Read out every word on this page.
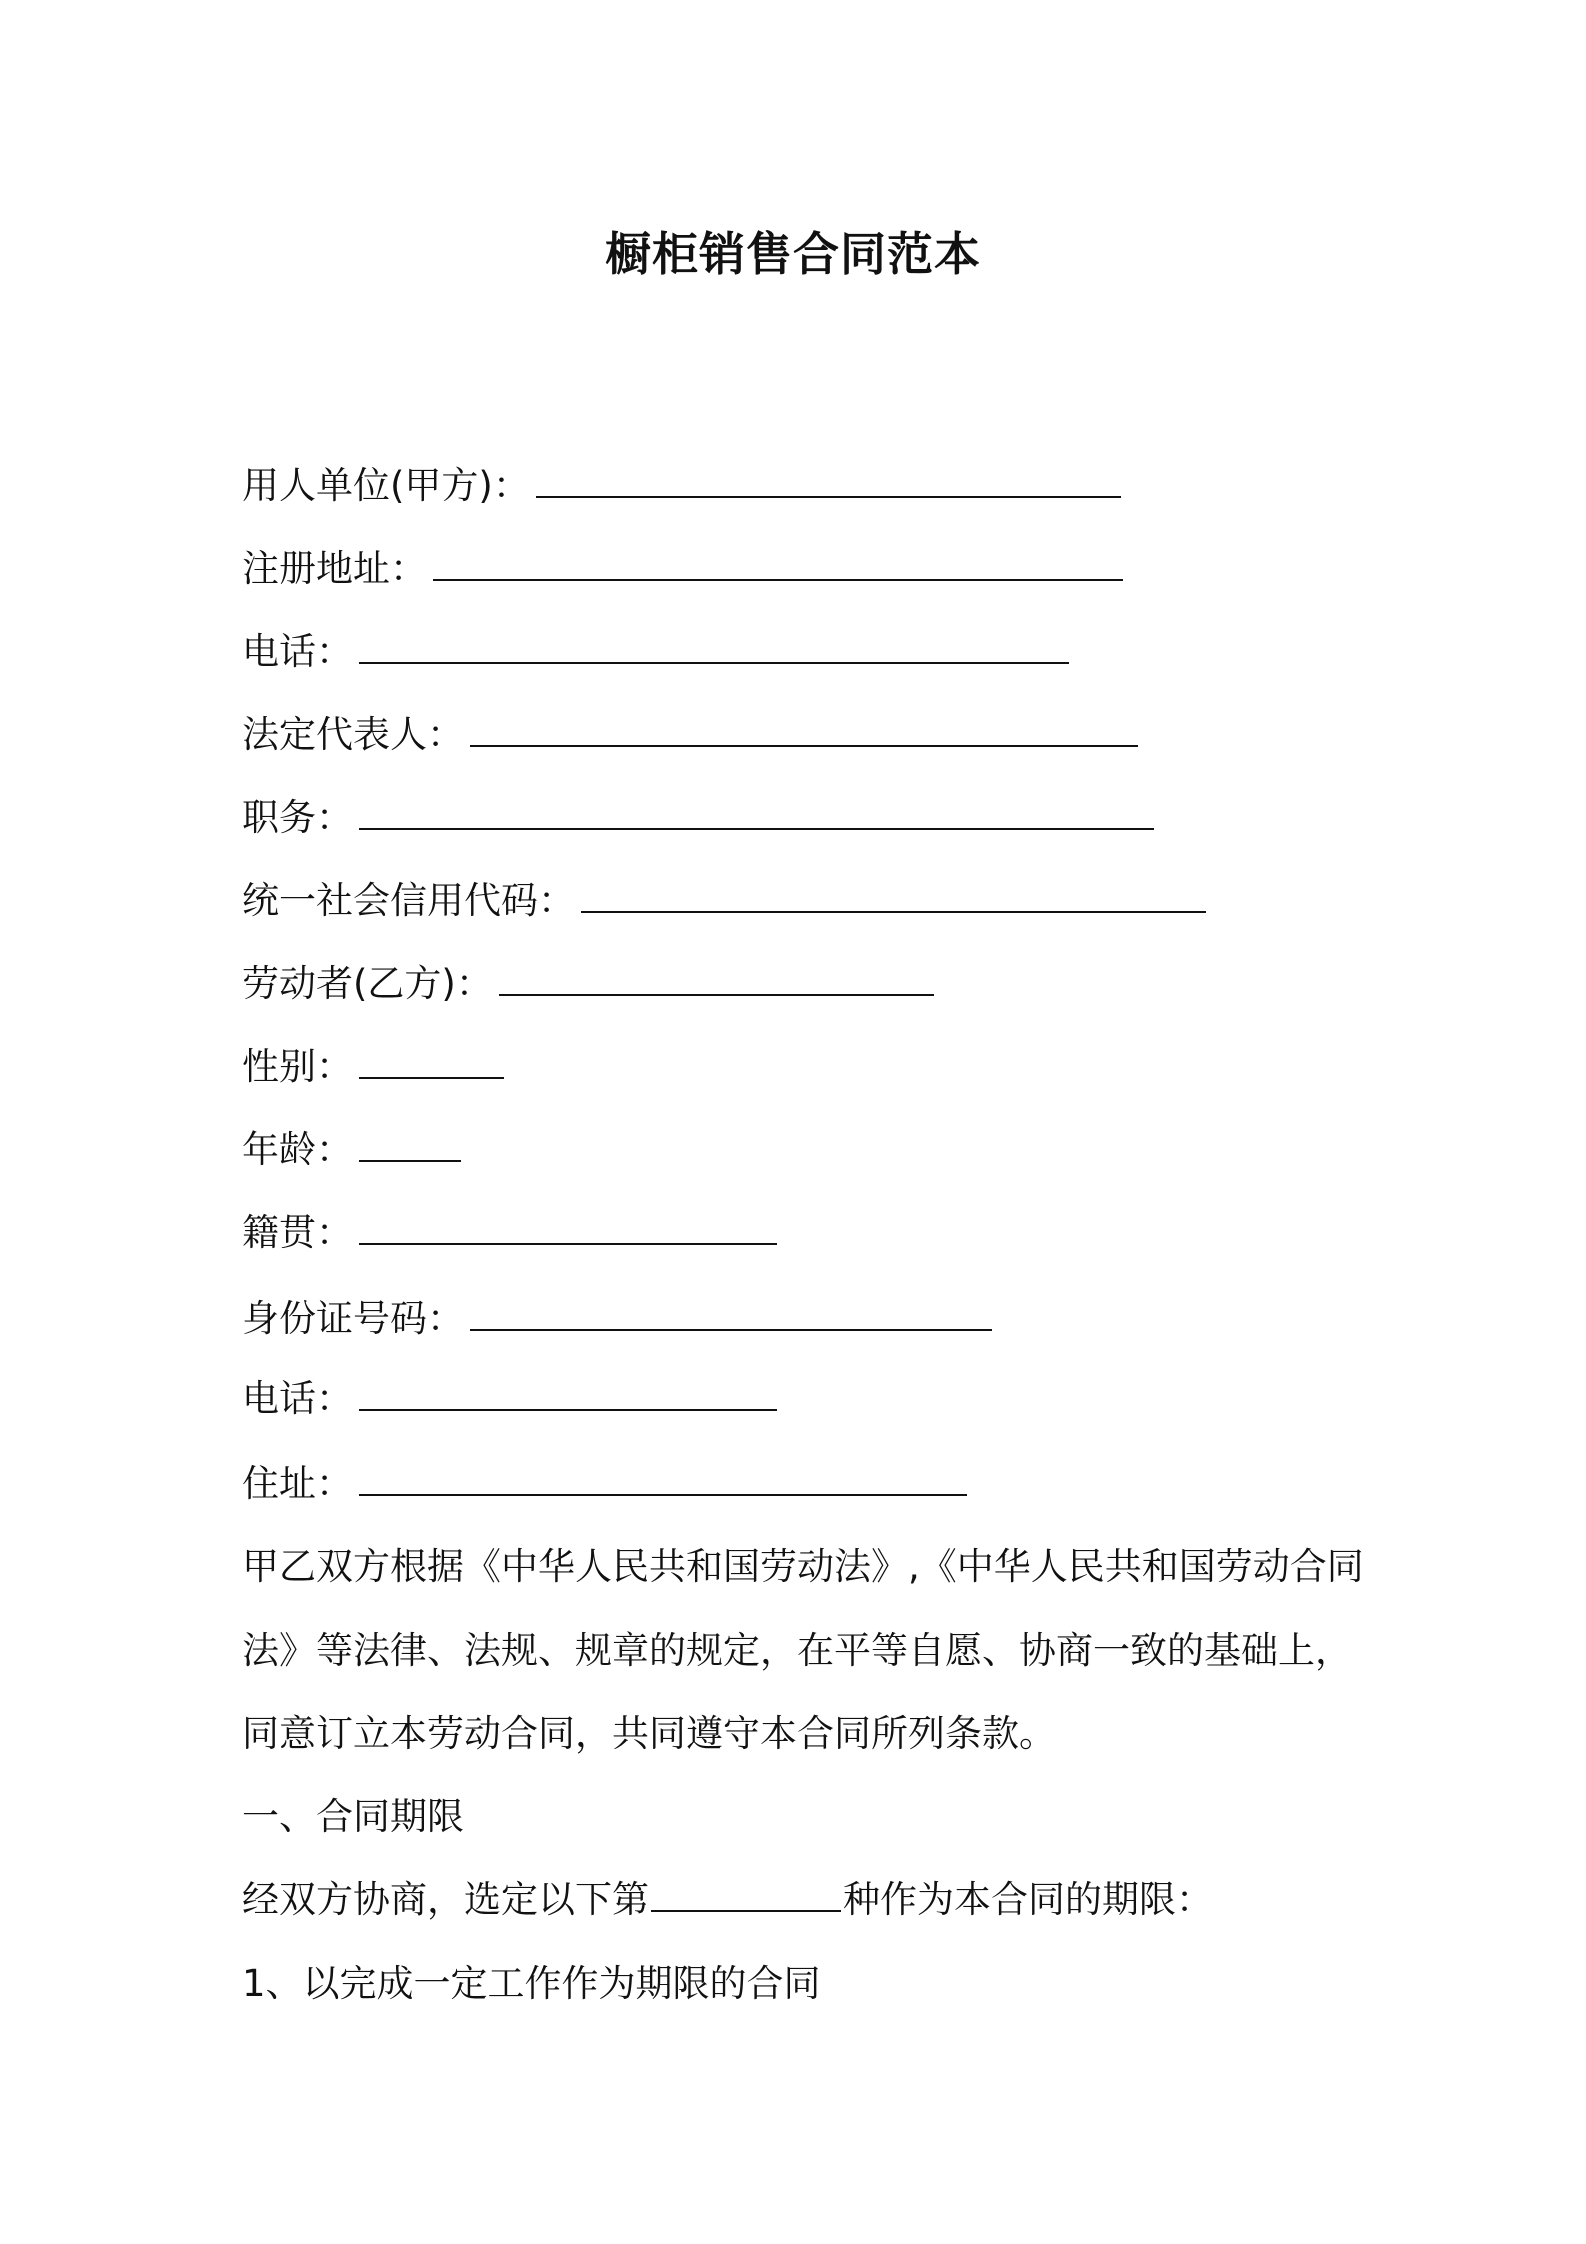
橱柜销售合同范本
用人单位(甲方)：
注册地址：
电话：
法定代表人：
职务：
统一社会信用代码：
劳动者(乙方)：
性别：
年龄：
籍贯：
身份证号码：
电话：
住址：
甲乙双方根据《中华人民共和国劳动法》,《中华人民共和国劳动合同
法》等法律、法规、规章的规定，在平等自愿、协商一致的基础上，
同意订立本劳动合同，共同遵守本合同所列条款。
一、合同期限
经双方协商，选定以下第	种作为本合同的期限：
1、以完成一定工作作为期限的合同
